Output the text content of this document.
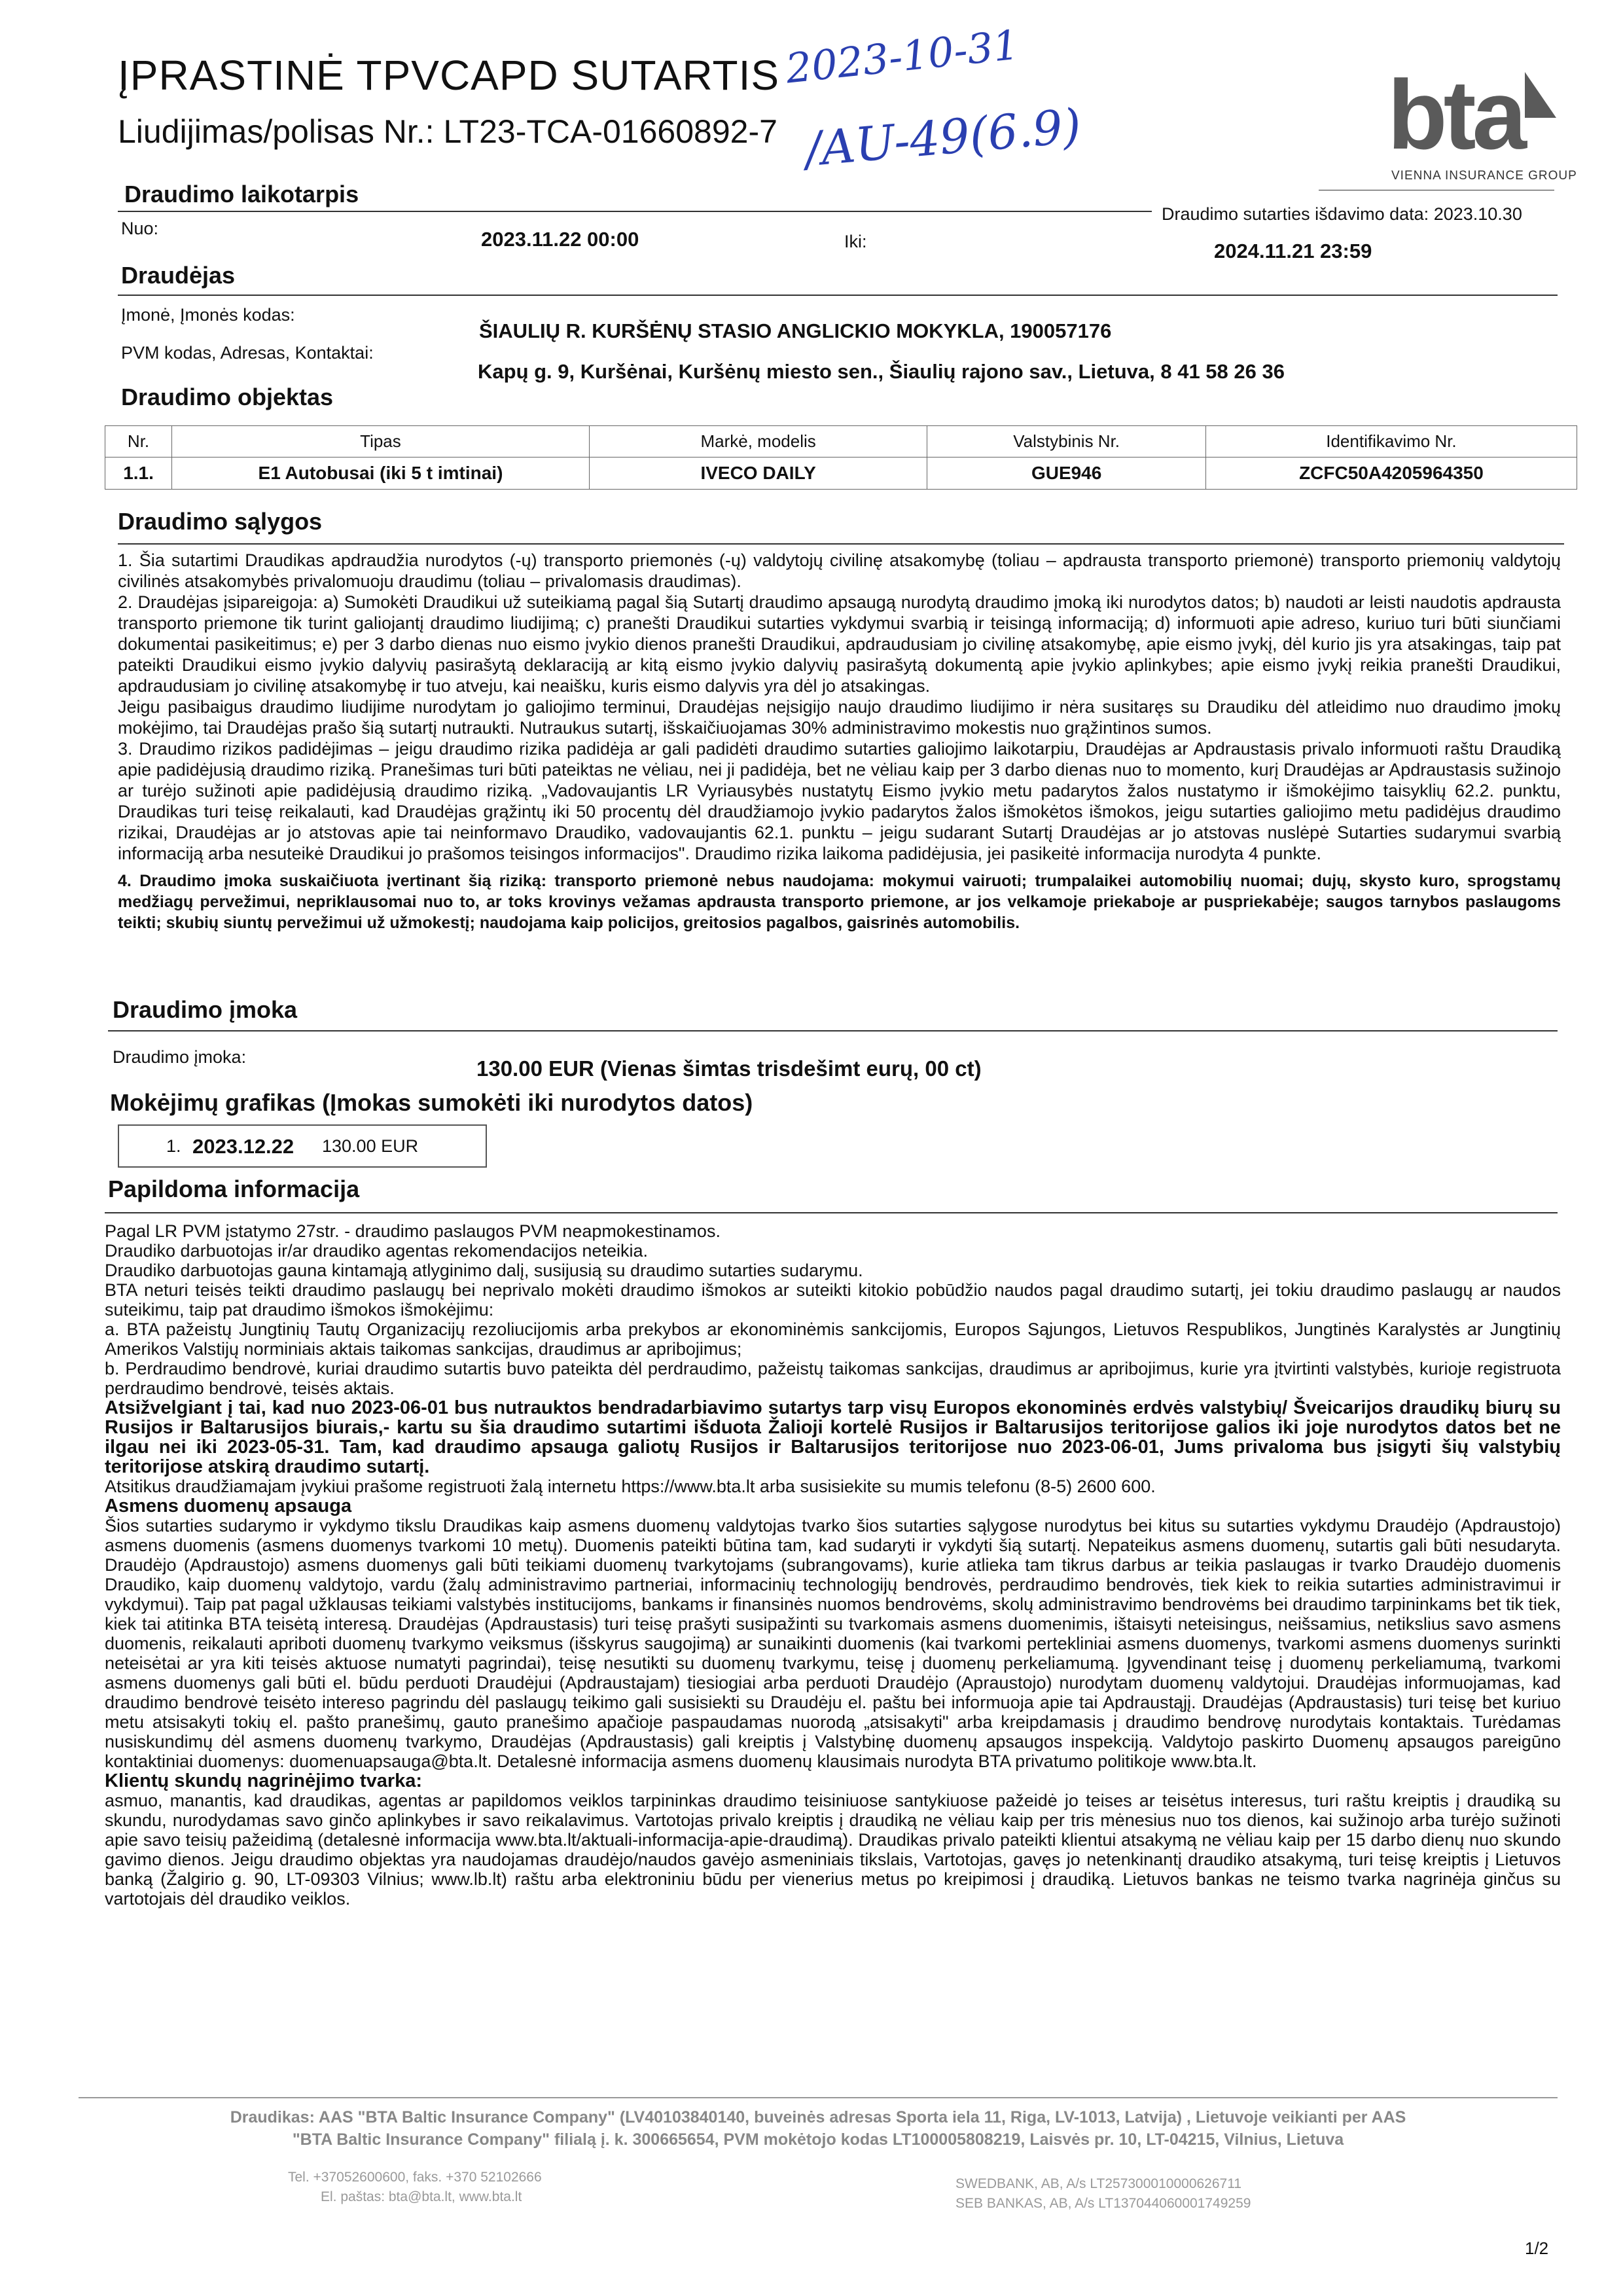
ĮPRASTINĖ TPVCAPD SUTARTIS
Liudijimas/polisas Nr.: LT23-TCA-01660892-7
2023-10-31
/AU-49(6.9)	bta
VIENNA INSURANCE GROUP
Draudimo laikotarpis
Draudimo sutarties išdavimo data: 2023.10.30
Nuo:	2023.11.22 00:00	Iki:	2024.11.21 23:59
Draudėjas
Įmonė, Įmonės kodas:
ŠIAULIŲ R. KURŠĖNŲ STASIO ANGLICKIO MOKYKLA, 190057176
PVM kodas, Adresas, Kontaktai:
Kapų g. 9, Kuršėnai, Kuršėnų miesto sen., Šiaulių rajono sav., Lietuva, 8 41 58 26 36
Draudimo objektas
Nr.	Tipas	Markė, modelis	Valstybinis Nr.	Identifikavimo Nr.
1.1.	E1 Autobusai (iki 5 t imtinai)	IVECO DAILY	GUE946	ZCFC50A4205964350
Draudimo sąlygos

1. Šia sutartimi Draudikas apdraudžia nurodytos (-ų) transporto priemonės (-ų) valdytojų civilinę atsakomybę (toliau – apdrausta transporto priemonė) transporto priemonių valdytojų civilinės atsakomybės privalomuoju draudimu (toliau – privalomasis draudimas).

2. Draudėjas įsipareigoja: a) Sumokėti Draudikui už suteikiamą pagal šią Sutartį draudimo apsaugą nurodytą draudimo įmoką iki nurodytos datos; b) naudoti ar leisti naudotis apdrausta transporto priemone tik turint galiojantį draudimo liudijimą; c) pranešti Draudikui sutarties vykdymui svarbią ir teisingą informaciją; d) informuoti apie adreso, kuriuo turi būti siunčiami dokumentai pasikeitimus; e) per 3 darbo dienas nuo eismo įvykio dienos pranešti Draudikui, apdraudusiam jo civilinę atsakomybę, apie eismo įvykį, dėl kurio jis yra atsakingas, taip pat pateikti Draudikui eismo įvykio dalyvių pasirašytą deklaraciją ar kitą eismo įvykio dalyvių pasirašytą dokumentą apie įvykio aplinkybes; apie eismo įvykį reikia pranešti Draudikui, apdraudusiam jo civilinę atsakomybę ir tuo atveju, kai neaišku, kuris eismo dalyvis yra dėl jo atsakingas.

Jeigu pasibaigus draudimo liudijime nurodytam jo galiojimo terminui, Draudėjas neįsigijo naujo draudimo liudijimo ir nėra susitaręs su Draudiku dėl atleidimo nuo draudimo įmokų mokėjimo, tai Draudėjas prašo šią sutartį nutraukti. Nutraukus sutartį, išskaičiuojamas 30% administravimo mokestis nuo grąžintinos sumos.

3. Draudimo rizikos padidėjimas – jeigu draudimo rizika padidėja ar gali padidėti draudimo sutarties galiojimo laikotarpiu, Draudėjas ar Apdraustasis privalo informuoti raštu Draudiką apie padidėjusią draudimo riziką. Pranešimas turi būti pateiktas ne vėliau, nei ji padidėja, bet ne vėliau kaip per 3 darbo dienas nuo to momento, kurį Draudėjas ar Apdraustasis sužinojo ar turėjo sužinoti apie padidėjusią draudimo riziką. „Vadovaujantis LR Vyriausybės nustatytų Eismo įvykio metu padarytos žalos nustatymo ir išmokėjimo taisyklių 62.2. punktu, Draudikas turi teisę reikalauti, kad Draudėjas grąžintų iki 50 procentų dėl draudžiamojo įvykio padarytos žalos išmokėtos išmokos, jeigu sutarties galiojimo metu padidėjus draudimo rizikai, Draudėjas ar jo atstovas apie tai neinformavo Draudiko, vadovaujantis 62.1. punktu – jeigu sudarant Sutartį Draudėjas ar jo atstovas nuslėpė Sutarties sudarymui svarbią informaciją arba nesuteikė Draudikui jo prašomos teisingos informacijos". Draudimo rizika laikoma padidėjusia, jei pasikeitė informacija nurodyta 4 punkte.

4. Draudimo įmoka suskaičiuota įvertinant šią riziką: transporto priemonė nebus naudojama: mokymui vairuoti; trumpalaikei automobilių nuomai; dujų, skysto kuro, sprogstamų medžiagų pervežimui, nepriklausomai nuo to, ar toks krovinys vežamas apdrausta transporto priemone, ar jos velkamoje priekaboje ar puspriekabėje; saugos tarnybos paslaugoms teikti; skubių siuntų pervežimui už užmokestį; naudojama kaip policijos, greitosios pagalbos, gaisrinės automobilis.

Draudimo įmoka
Draudimo įmoka:	130.00 EUR (Vienas šimtas trisdešimt eurų, 00 ct)
Mokėjimų grafikas (Įmokas sumokėti iki nurodytos datos)
1. 2023.12.22 130.00 EUR
Papildoma informacija

Pagal LR PVM įstatymo 27str. - draudimo paslaugos PVM neapmokestinamos.

Draudiko darbuotojas ir/ar draudiko agentas rekomendacijos neteikia.

Draudiko darbuotojas gauna kintamąją atlyginimo dalį, susijusią su draudimo sutarties sudarymu.

BTA neturi teisės teikti draudimo paslaugų bei neprivalo mokėti draudimo išmokos ar suteikti kitokio pobūdžio naudos pagal draudimo sutartį, jei tokiu draudimo paslaugų ar naudos suteikimu, taip pat draudimo išmokos išmokėjimu:

a. BTA pažeistų Jungtinių Tautų Organizacijų rezoliucijomis arba prekybos ar ekonominėmis sankcijomis, Europos Sąjungos, Lietuvos Respublikos, Jungtinės Karalystės ar Jungtinių Amerikos Valstijų norminiais aktais taikomas sankcijas, draudimus ar apribojimus;

b. Perdraudimo bendrovė, kuriai draudimo sutartis buvo pateikta dėl perdraudimo, pažeistų taikomas sankcijas, draudimus ar apribojimus, kurie yra įtvirtinti valstybės, kurioje registruota perdraudimo bendrovė, teisės aktais.

Atsižvelgiant į tai, kad nuo 2023-06-01 bus nutrauktos bendradarbiavimo sutartys tarp visų Europos ekonominės erdvės valstybių/ Šveicarijos draudikų biurų su Rusijos ir Baltarusijos biurais,- kartu su šia draudimo sutartimi išduota Žalioji kortelė Rusijos ir Baltarusijos teritorijose galios iki joje nurodytos datos bet ne ilgau nei iki 2023-05-31. Tam, kad draudimo apsauga galiotų Rusijos ir Baltarusijos teritorijose nuo 2023-06-01, Jums privaloma bus įsigyti šių valstybių teritorijose atskirą draudimo sutartį.

Atsitikus draudžiamajam įvykiui prašome registruoti žalą internetu https://www.bta.lt arba susisiekite su mumis telefonu (8-5) 2600 600.

Asmens duomenų apsauga

Šios sutarties sudarymo ir vykdymo tikslu Draudikas kaip asmens duomenų valdytojas tvarko šios sutarties sąlygose nurodytus bei kitus su sutarties vykdymu Draudėjo (Apdraustojo) asmens duomenis (asmens duomenys tvarkomi 10 metų). Duomenis pateikti būtina tam, kad sudaryti ir vykdyti šią sutartį. Nepateikus asmens duomenų, sutartis gali būti nesudaryta. Draudėjo (Apdraustojo) asmens duomenys gali būti teikiami duomenų tvarkytojams (subrangovams), kurie atlieka tam tikrus darbus ar teikia paslaugas ir tvarko Draudėjo duomenis Draudiko, kaip duomenų valdytojo, vardu (žalų administravimo partneriai, informacinių technologijų bendrovės, perdraudimo bendrovės, tiek kiek to reikia sutarties administravimui ir vykdymui). Taip pat pagal užklausas teikiami valstybės institucijoms, bankams ir finansinės nuomos bendrovėms, skolų administravimo bendrovėms bei draudimo tarpininkams bet tik tiek, kiek tai atitinka BTA teisėtą interesą. Draudėjas (Apdraustasis) turi teisę prašyti susipažinti su tvarkomais asmens duomenimis, ištaisyti neteisingus, neišsamius, netikslius savo asmens duomenis, reikalauti apriboti duomenų tvarkymo veiksmus (išskyrus saugojimą) ar sunaikinti duomenis (kai tvarkomi pertekliniai asmens duomenys, tvarkomi asmens duomenys surinkti neteisėtai ar yra kiti teisės aktuose numatyti pagrindai), teisę nesutikti su duomenų tvarkymu, teisę į duomenų perkeliamumą. Įgyvendinant teisę į duomenų perkeliamumą, tvarkomi asmens duomenys gali būti el. būdu perduoti Draudėjui (Apdraustajam) tiesiogiai arba perduoti Draudėjo (Apraustojo) nurodytam duomenų valdytojui. Draudėjas informuojamas, kad draudimo bendrovė teisėto intereso pagrindu dėl paslaugų teikimo gali susisiekti su Draudėju el. paštu bei informuoja apie tai Apdraustąjį. Draudėjas (Apdraustasis) turi teisę bet kuriuo metu atsisakyti tokių el. pašto pranešimų, gauto pranešimo apačioje paspaudamas nuorodą „atsisakyti" arba kreipdamasis į draudimo bendrovę nurodytais kontaktais. Turėdamas nusiskundimų dėl asmens duomenų tvarkymo, Draudėjas (Apdraustasis) gali kreiptis į Valstybinę duomenų apsaugos inspekciją. Valdytojo paskirto Duomenų apsaugos pareigūno kontaktiniai duomenys: duomenuapsauga@bta.lt. Detalesnė informacija asmens duomenų klausimais nurodyta BTA privatumo politikoje www.bta.lt.

Klientų skundų nagrinėjimo tvarka:

asmuo, manantis, kad draudikas, agentas ar papildomos veiklos tarpininkas draudimo teisiniuose santykiuose pažeidė jo teises ar teisėtus interesus, turi raštu kreiptis į draudiką su skundu, nurodydamas savo ginčo aplinkybes ir savo reikalavimus. Vartotojas privalo kreiptis į draudiką ne vėliau kaip per tris mėnesius nuo tos dienos, kai sužinojo arba turėjo sužinoti apie savo teisių pažeidimą (detalesnė informacija www.bta.lt/aktuali-informacija-apie-draudimą). Draudikas privalo pateikti klientui atsakymą ne vėliau kaip per 15 darbo dienų nuo skundo gavimo dienos. Jeigu draudimo objektas yra naudojamas draudėjo/naudos gavėjo asmeniniais tikslais, Vartotojas, gavęs jo netenkinantį draudiko atsakymą, turi teisę kreiptis į Lietuvos banką (Žalgirio g. 90, LT-09303 Vilnius; www.lb.lt) raštu arba elektroniniu būdu per vienerius metus po kreipimosi į draudiką. Lietuvos bankas ne teismo tvarka nagrinėja ginčus su vartotojais dėl draudiko veiklos.

Draudikas: AAS "BTA Baltic Insurance Company" (LV40103840140, buveinės adresas Sporta iela 11, Riga, LV-1013, Latvija) , Lietuvoje veikianti per AAS
"BTA Baltic Insurance Company" filialą į. k. 300665654, PVM mokėtojo kodas LT100005808219, Laisvės pr. 10, LT-04215, Vilnius, Lietuva
Tel. +37052600600, faks. +370 52102666
El. paštas: bta@bta.lt, www.bta.lt
SWEDBANK, AB, A/s LT257300010000626711
SEB BANKAS, AB, A/s LT137044060001749259
1/2
